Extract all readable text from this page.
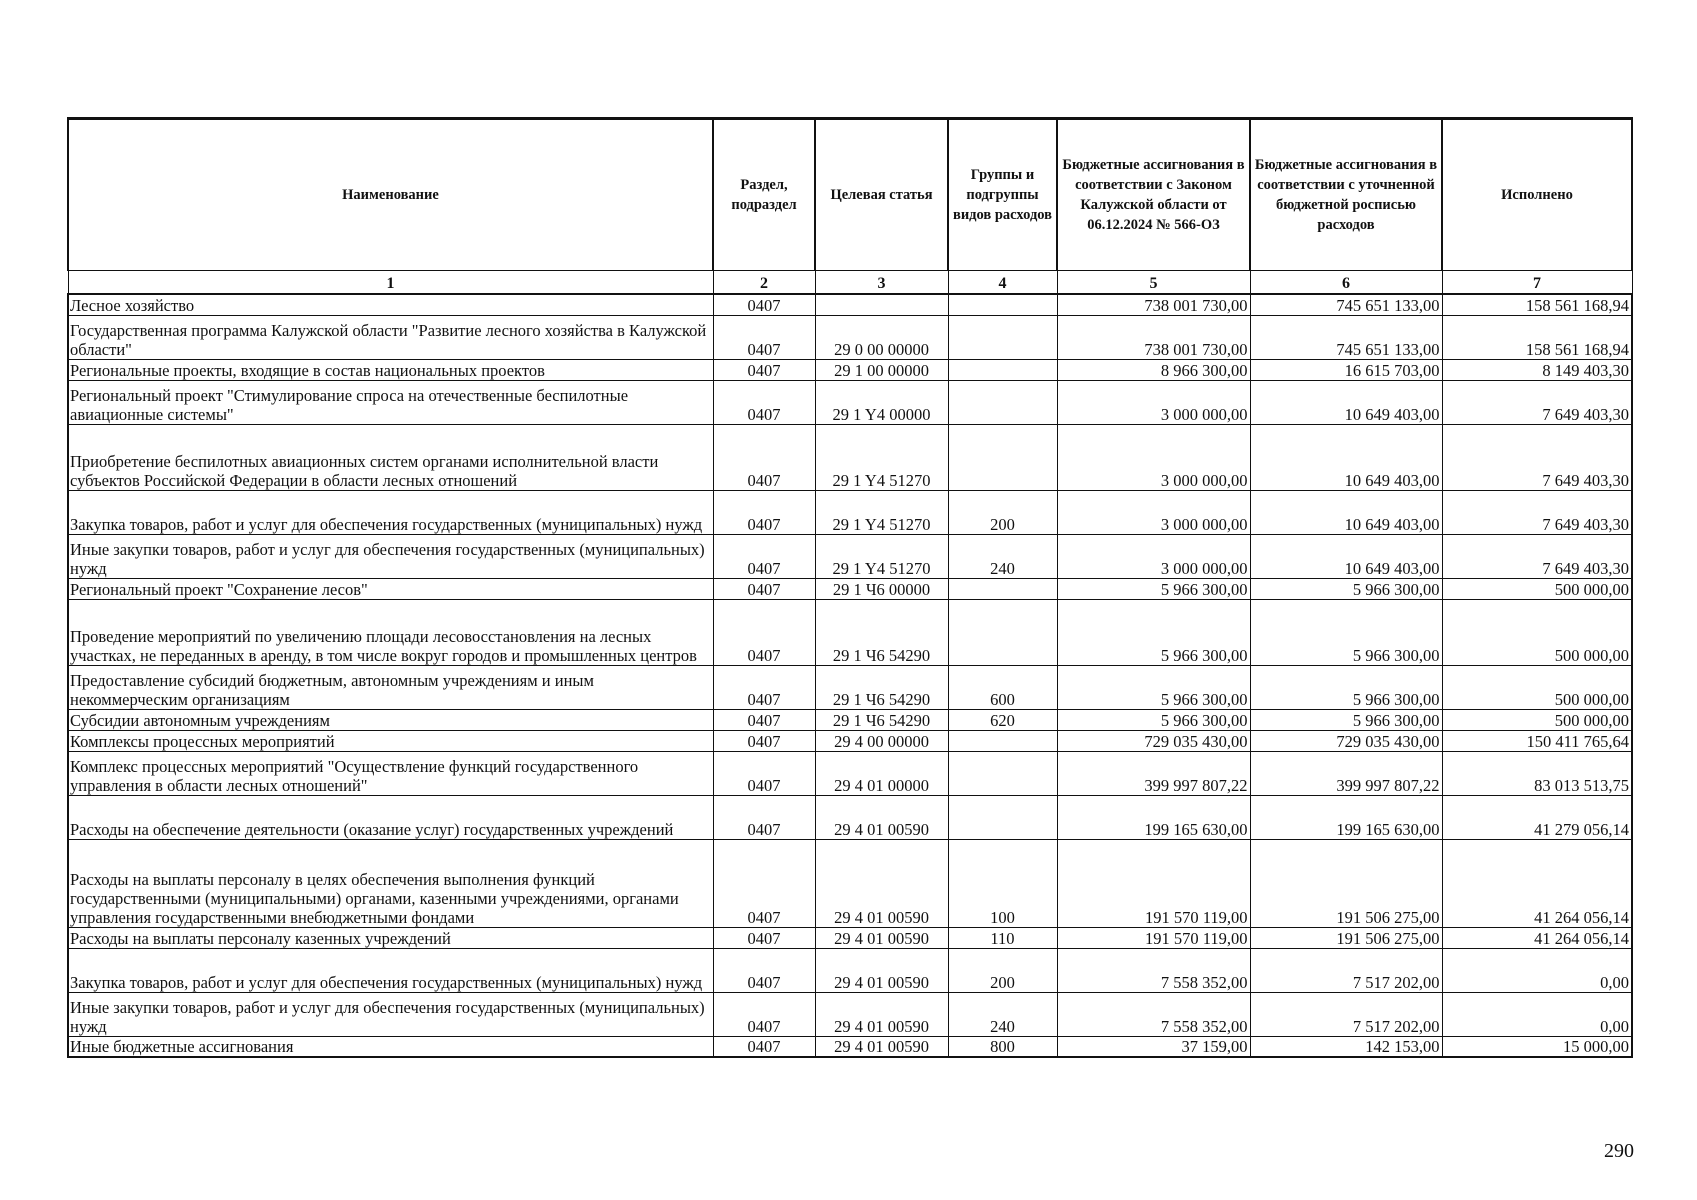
Наименование	Раздел, подраздел	Целевая статья	Группы и подгруппы видов расходов	Бюджетные ассигнования в соответствии с Законом Калужской области от 06.12.2024 № 566-ОЗ	Бюджетные ассигнования в соответствии с уточненной бюджетной росписью расходов	Исполнено
1	2	3	4	5	6	7
Лесное хозяйство	0407			738 001 730,00	745 651 133,00	158 561 168,94
Государственная программа Калужской области "Развитие лесного хозяйства в Калужской области"	0407	29 0 00 00000		738 001 730,00	745 651 133,00	158 561 168,94
Региональные проекты, входящие в состав национальных проектов	0407	29 1 00 00000		8 966 300,00	16 615 703,00	8 149 403,30
Региональный проект "Стимулирование спроса на отечественные беспилотные авиационные системы"	0407	29 1 Y4 00000		3 000 000,00	10 649 403,00	7 649 403,30
Приобретение беспилотных авиационных систем органами исполнительной власти субъектов Российской Федерации в области лесных отношений	0407	29 1 Y4 51270		3 000 000,00	10 649 403,00	7 649 403,30
Закупка товаров, работ и услуг для обеспечения государственных (муниципальных) нужд	0407	29 1 Y4 51270	200	3 000 000,00	10 649 403,00	7 649 403,30
Иные закупки товаров, работ и услуг для обеспечения государственных (муниципальных) нужд	0407	29 1 Y4 51270	240	3 000 000,00	10 649 403,00	7 649 403,30
Региональный проект "Сохранение лесов"	0407	29 1 Ч6 00000		5 966 300,00	5 966 300,00	500 000,00
Проведение мероприятий по увеличению площади лесовосстановления на лесных участках, не переданных в аренду, в том числе вокруг городов и промышленных центров	0407	29 1 Ч6 54290		5 966 300,00	5 966 300,00	500 000,00
Предоставление субсидий бюджетным, автономным учреждениям и иным некоммерческим организациям	0407	29 1 Ч6 54290	600	5 966 300,00	5 966 300,00	500 000,00
Субсидии автономным учреждениям	0407	29 1 Ч6 54290	620	5 966 300,00	5 966 300,00	500 000,00
Комплексы процессных мероприятий	0407	29 4 00 00000		729 035 430,00	729 035 430,00	150 411 765,64
Комплекс процессных мероприятий "Осуществление функций государственного управления в области лесных отношений"	0407	29 4 01 00000		399 997 807,22	399 997 807,22	83 013 513,75
Расходы на обеспечение деятельности (оказание услуг) государственных учреждений	0407	29 4 01 00590		199 165 630,00	199 165 630,00	41 279 056,14
Расходы на выплаты персоналу в целях обеспечения выполнения функций государственными (муниципальными) органами, казенными учреждениями, органами управления государственными внебюджетными фондами	0407	29 4 01 00590	100	191 570 119,00	191 506 275,00	41 264 056,14
Расходы на выплаты персоналу казенных учреждений	0407	29 4 01 00590	110	191 570 119,00	191 506 275,00	41 264 056,14
Закупка товаров, работ и услуг для обеспечения государственных (муниципальных) нужд	0407	29 4 01 00590	200	7 558 352,00	7 517 202,00	0,00
Иные закупки товаров, работ и услуг для обеспечения государственных (муниципальных) нужд	0407	29 4 01 00590	240	7 558 352,00	7 517 202,00	0,00
Иные бюджетные ассигнования	0407	29 4 01 00590	800	37 159,00	142 153,00	15 000,00
290
